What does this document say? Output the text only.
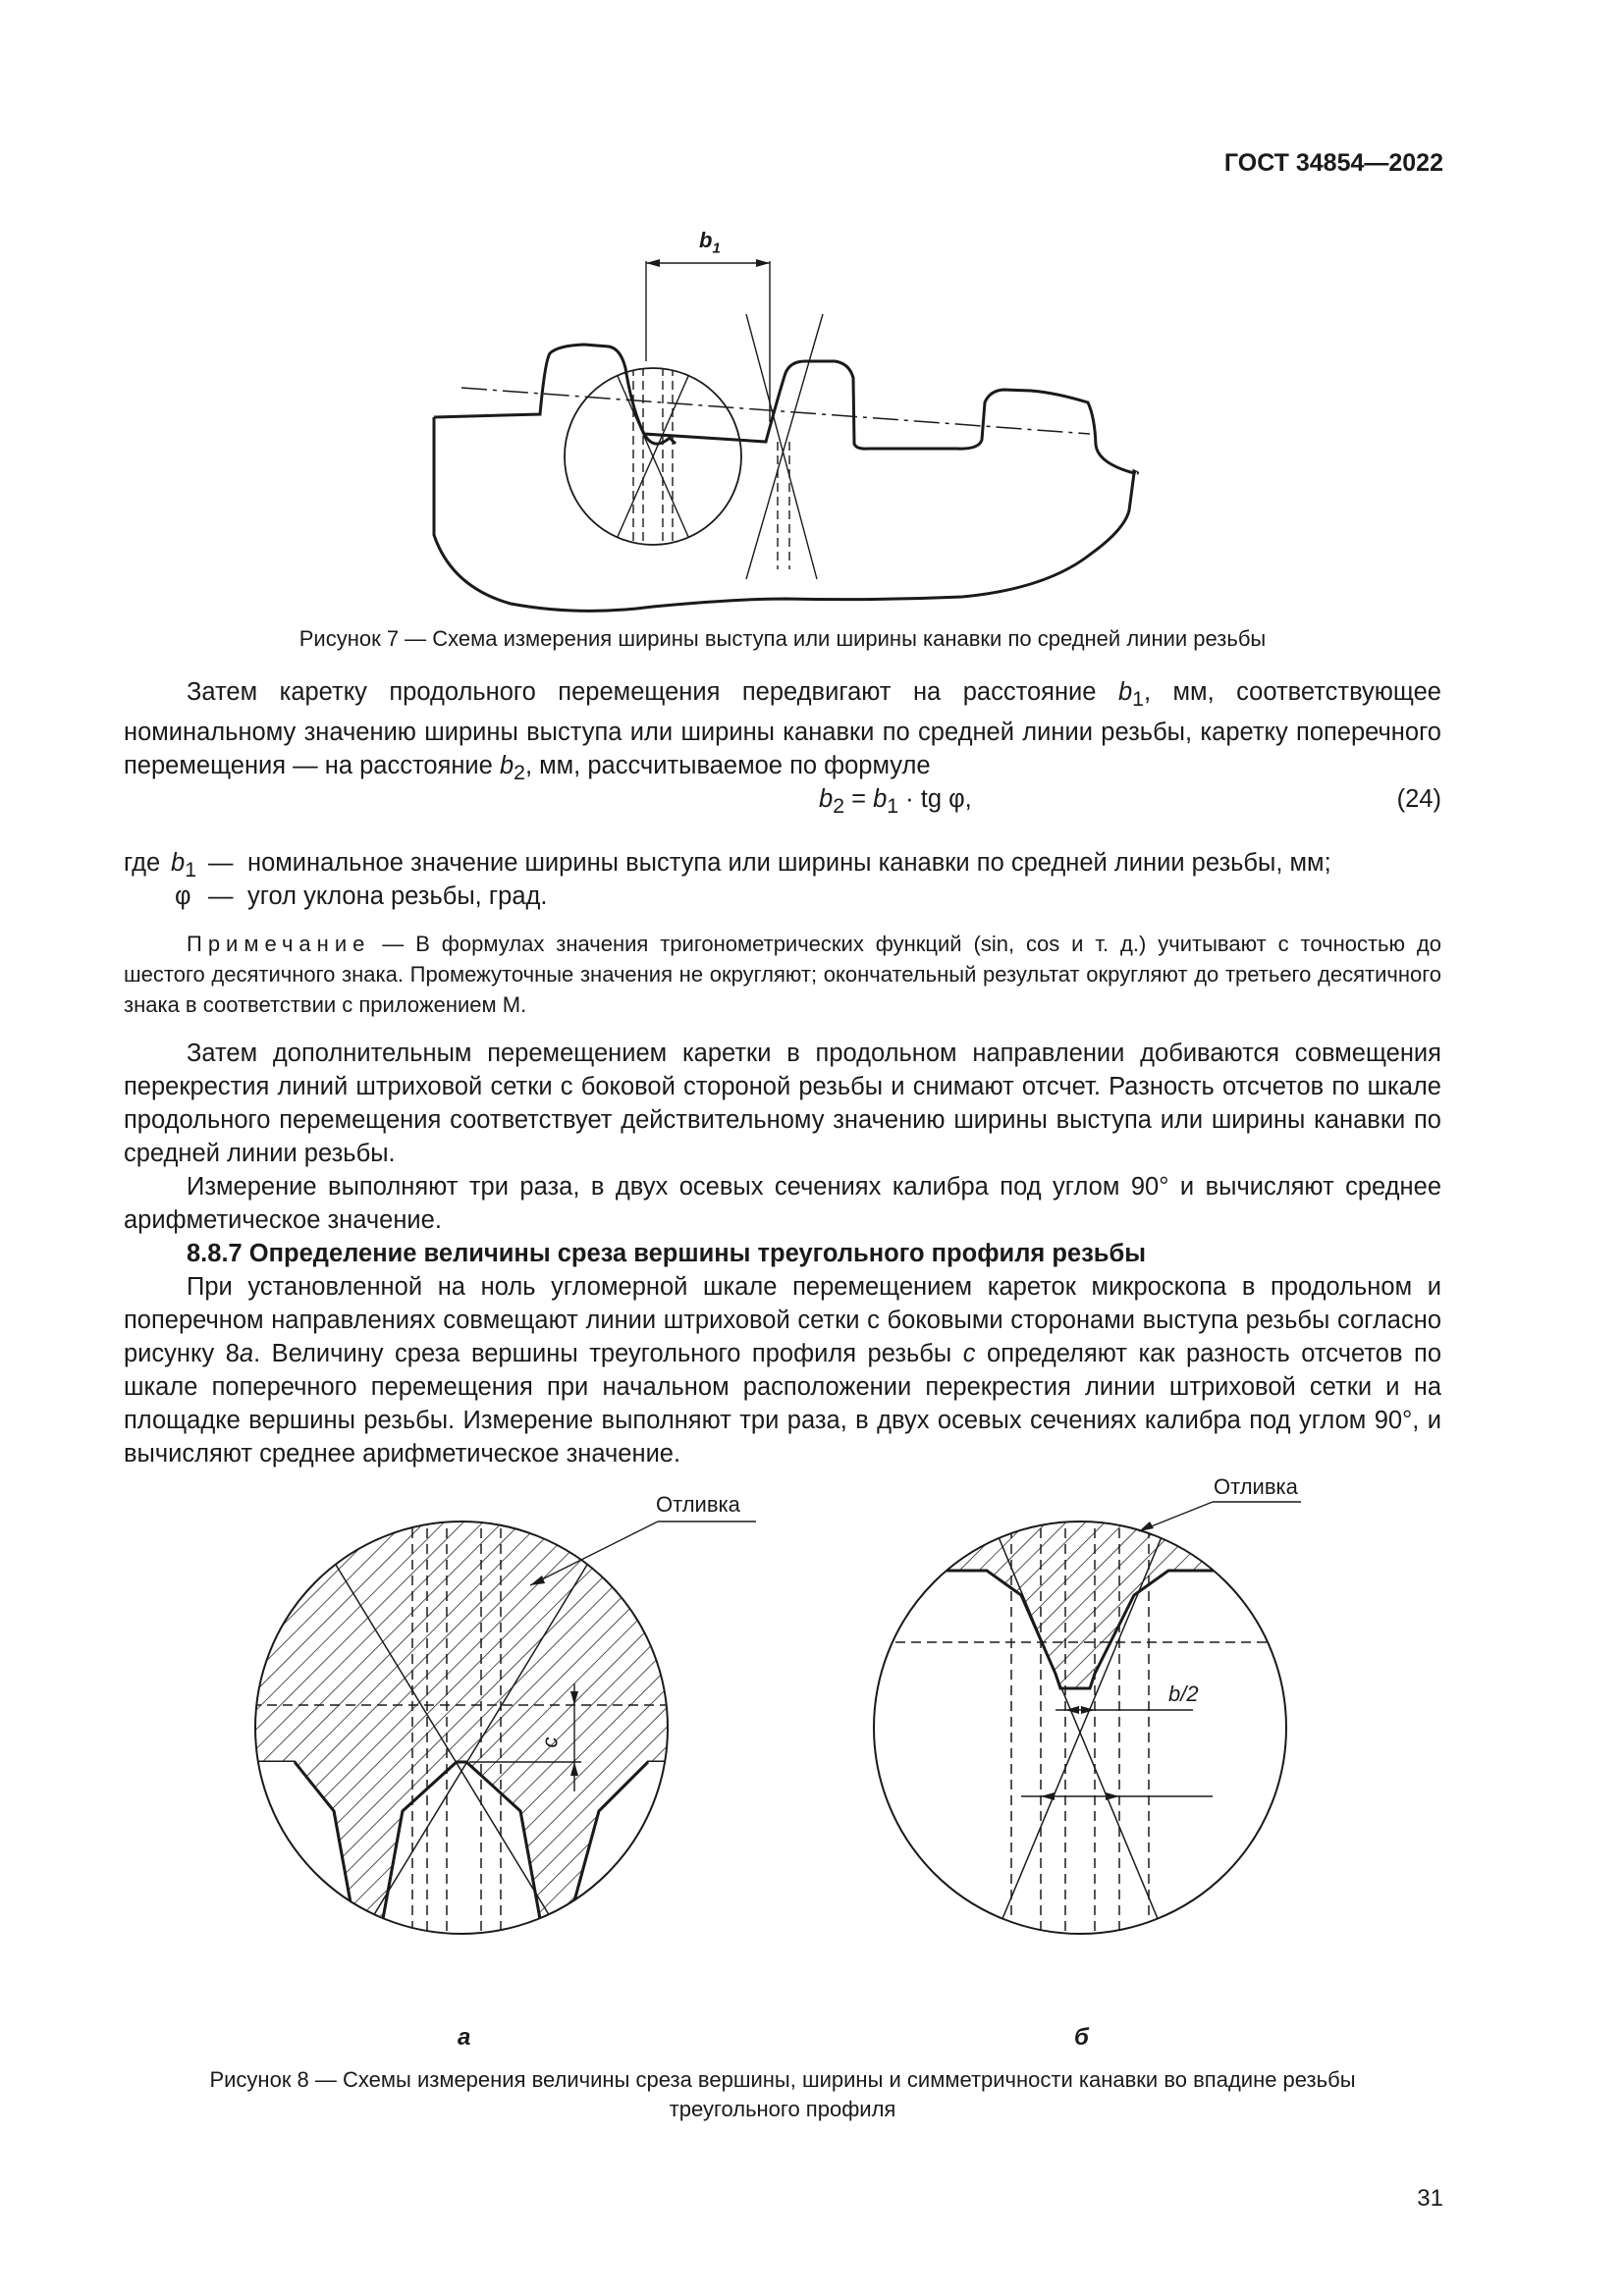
ГОСТ 34854—2022
$b_1$
Рисунок 7 — Схема измерения ширины выступа или ширины канавки по средней линии резьбы

Затем каретку продольного перемещения передвигают на расстояние $b_1$, мм, соответствующее номинальному значению ширины выступа или ширины канавки по средней линии резьбы, каретку поперечного перемещения — на расстояние $b_2$, мм, рассчитываемое по формуле

$b_2 = b_1$ · tg φ,	(24)
где $b_1$ — номинальное значение ширины выступа или ширины канавки по средней линии резьбы, мм;
φ — угол уклона резьбы, град.

Примечание — В формулах значения тригонометрических функций (sin, cos и т. д.) учитывают с точностью до шестого десятичного знака. Промежуточные значения не округляют; окончательный результат округляют до третьего десятичного знака в соответствии с приложением М.

Затем дополнительным перемещением каретки в продольном направлении добиваются совмещения перекрестия линий штриховой сетки с боковой стороной резьбы и снимают отсчет. Разность отсчетов по шкале продольного перемещения соответствует действительному значению ширины выступа или ширины канавки по средней линии резьбы.

Измерение выполняют три раза, в двух осевых сечениях калибра под углом 90° и вычисляют среднее арифметическое значение.

8.8.7 Определение величины среза вершины треугольного профиля резьбы

При установленной на ноль угломерной шкале перемещением кареток микроскопа в продольном и поперечном направлениях совмещают линии штриховой сетки с боковыми сторонами выступа резьбы согласно рисунку 8а. Величину среза вершины треугольного профиля резьбы с определяют как разность отсчетов по шкале поперечного перемещения при начальном расположении перекрестия линии штриховой сетки и на площадке вершины резьбы. Измерение выполняют три раза, в двух осевых сечениях калибра под углом 90°, и вычисляют среднее арифметическое значение.

Отливка
Отливка
c
b/2
а	б
Рисунок 8 — Схемы измерения величины среза вершины, ширины и симметричности канавки во впадине резьбы
треугольного профиля
31
